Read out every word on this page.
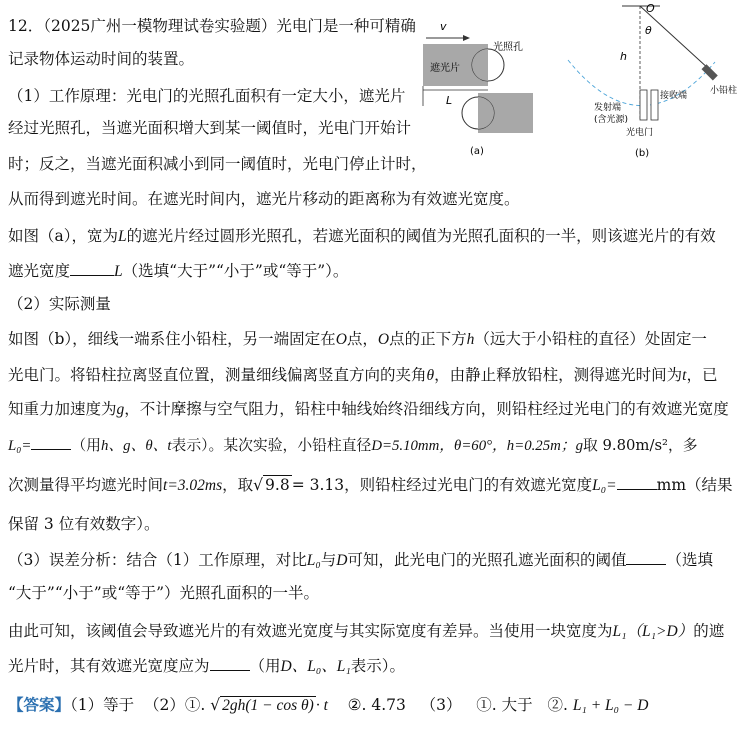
v
遮光片
光照孔
L
(a)
O
θ
h
接收端	小铅柱
发射端
(含光源)
光电门
(b)
12．（2025广州一模物理试卷实验题）光电门是一种可精确
记录物体运动时间的装置。
（1）工作原理：光电门的光照孔面积有一定大小，遮光片
经过光照孔，当遮光面积增大到某一阈值时，光电门开始计
时；反之，当遮光面积减小到同一阈值时，光电门停止计时，
从而得到遮光时间。在遮光时间内，遮光片移动的距离称为有效遮光宽度。
如图（a），宽为L的遮光片经过圆形光照孔，若遮光面积的阈值为光照孔面积的一半，则该遮光片的有效
遮光宽度	L（选填“大于”“小于”或“等于”）。
（2）实际测量
如图（b），细线一端系住小铅柱，另一端固定在O点，O点的正下方h（远大于小铅柱的直径）处固定一
光电门。将铅柱拉离竖直位置，测量细线偏离竖直方向的夹角θ，由静止释放铅柱，测得遮光时间为t，已
知重力加速度为g，不计摩擦与空气阻力，铅柱中轴线始终沿细线方向，则铅柱经过光电门的有效遮光宽度
L₀=	（用h、g、θ、t表示）。某次实验，小铅柱直径D=5.10mm，θ=60°，h=0.25m；g取 9.80m/s²，多
次测量得平均遮光时间t=3.02ms，取√ 9.8 = 3.13，则铅柱经过光电门的有效遮光宽度L₀=	mm（结果
保留 3 位有效数字）。
（3）误差分析：结合（1）工作原理，对比L₀与D可知，此光电门的光照孔遮光面积的阈值	（选填
“大于”“小于”或“等于”）光照孔面积的一半。
由此可知，该阈值会导致遮光片的有效遮光宽度与其实际宽度有差异。当使用一块宽度为L₁（L₁>D）的遮
光片时，其有效遮光宽度应为	（用D、L₀、L₁表示）。
【答案】（1）等于 （2）①. √ 2gh(1 − cos θ) · t ②. 4.73 （3） ①. 大于 ②. L₁ + L₀ − D
